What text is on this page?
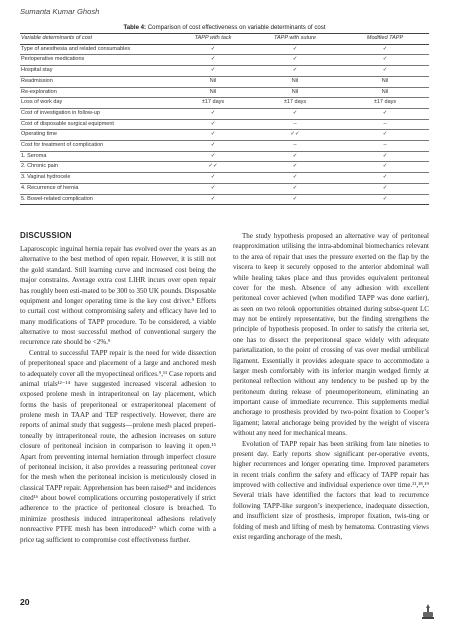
Sumanta Kumar Ghosh
Table 4: Comparison of cost effectiveness on variable determinants of cost
Variable determinants of cost	TAPP with tack	TAPP with suture	Modified TAPP
Type of anesthesia and related consumables	✓	✓	✓
Perioperative medications	✓	✓	✓
Hospital stay	✓	✓	✓
Readmission	Nil	Nil	Nil
Re-exploration	Nil	Nil	Nil
Loss of work day	±17 days	±17 days	±17 days
Cost of investigation in follow-up	✓	✓	✓
Cost of disposable surgical equipment	✓	–	–
Operating time	✓	✓✓	✓
Cost for treatment of complication	✓	–	–
1. Seroma	✓	✓	✓
2. Chronic pain	✓✓	✓	✓
3. Vaginal hydrocele	✓	✓	✓
4. Recurrence of hernia	✓	✓	✓
5. Bowel-related complication	✓	✓	✓
DISCUSSION

Laparoscopic inguinal hernia repair has evolved over the years as an alternative to the best method of open repair. However, it is still not the gold standard. Still learning curve and increased cost being the major constrains. Average extra cost LIHR incurs over open repair has roughly been esti-mated to be 300 to 350 UK pounds. Disposable equipment and longer operating time is the key cost driver.⁹ Efforts to curtail cost without compromising safety and efficacy have led to many modifications of TAPP procedure. To be considered, a viable alternative to most successful method of conventional surgery the recurrence rate should be <2%.⁹

Central to successful TAPP repair is the need for wide dissection of preperitoneal space and placement of a large and anchored mesh to adequately cover all the myopectineal orifices.⁹,¹¹ Case reports and animal trials¹²⁻¹⁴ have suggested increased visceral adhesion to exposed prolene mesh in intraperitoneal on lay placement, which forms the basis of preperitoneal or extraperitoneal placement of prolene mesh in TAAP and TEP respectively. However, there are reports of animal study that suggests—prolene mesh placed preperi-toneally by intraperitoneal route, the adhesion increases on suture closure of peritoneal incision in comparison to leaving it open.¹⁵ Apart from preventing internal herniation through imperfect closure of peritoneal incision, it also provides a reassuring peritoneal cover for the mesh when the peritoneal incision is meticulously closed in classical TAPP repair. Apprehension has been raised¹⁶ and incidences cited¹⁶ about bowel complications occurring postoperatively if strict adherence to the practice of peritoneal closure is breached. To minimize prosthesis induced intraperitoneal adhesions relatively nonreactive PTFE mesh has been introduced¹⁷ which come with a price tag sufficient to compromise cost effectiveness further.

The study hypothesis proposed an alternative way of peritoneal reapproximation utilising the intra-abdominal biomechanics relevant to the area of repair that uses the pressure exerted on the flap by the viscera to keep it securely opposed to the anterior abdominal wall while healing takes place and thus provides equivalent peritoneal cover for the mesh. Absence of any adhesion with excellent peritoneal cover achieved (when modified TAPP was done earlier), as seen on two relook opportunities obtained during subse-quent LC may not be entirely representative, but the finding strengthens the principle of hypothesis proposed. In order to satisfy the criteria set, one has to dissect the preperitoneal space widely with adequate parietalization, to the point of crossing of vas over medial umbilical ligament. Essentially it provides adequate space to accommodate a larger mesh comfortably with its inferior margin wedged firmly at peritoneal reflection without any tendency to be pushed up by the peritoneum during release of pneumoperitoneum, eliminating an important cause of immediate recurrence. This supplements medial anchorage to prosthesis provided by two-point fixation to Cooper’s ligament; lateral anchorage being provided by the weight of viscera without any need for mechanical means.

Evolution of TAPP repair has been striking from late nineties to present day. Early reports show significant per-operative events, higher recurrences and longer operating time. Improved parameters in recent trials confirm the safety and efficacy of TAPP repair has improved with collective and individual experience over time.¹¹,¹⁸,¹⁹ Several trials have identified the factors that lead to recurrence following TAPP-like surgeon’s inexperience, inadequate dissection, and insufficient size of prosthesis, improper fixation, twis-ting or folding of mesh and lifting of mesh by hematoma. Contrasting views exist regarding anchorage of the mesh,

20
